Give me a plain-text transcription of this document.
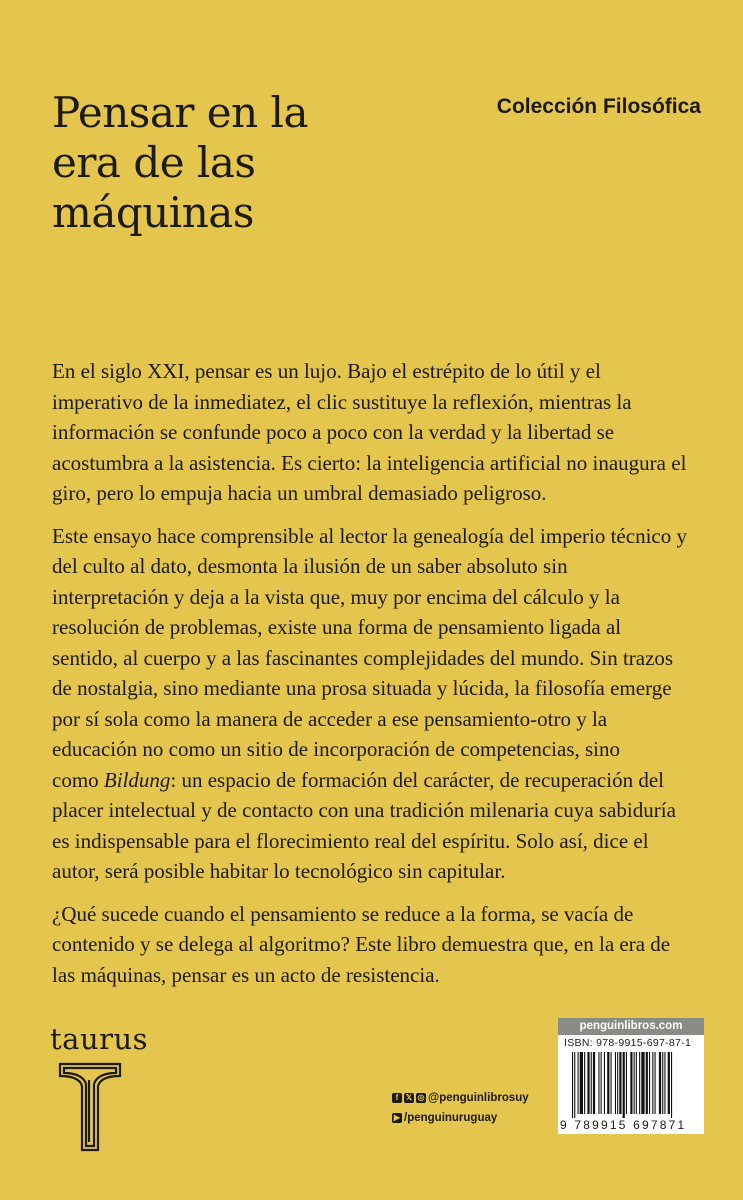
Pensar en la
era de las
máquinas
Colección Filosófica

En el siglo XXI, pensar es un lujo. Bajo el estrépito de lo útil y el
imperativo de la inmediatez, el clic sustituye la reflexión, mientras la
información se confunde poco a poco con la verdad y la libertad se
acostumbra a la asistencia. Es cierto: la inteligencia artificial no inaugura el
giro, pero lo empuja hacia un umbral demasiado peligroso.

Este ensayo hace comprensible al lector la genealogía del imperio técnico y
del culto al dato, desmonta la ilusión de un saber absoluto sin
interpretación y deja a la vista que, muy por encima del cálculo y la
resolución de problemas, existe una forma de pensamiento ligada al
sentido, al cuerpo y a las fascinantes complejidades del mundo. Sin trazos
de nostalgia, sino mediante una prosa situada y lúcida, la filosofía emerge
por sí sola como la manera de acceder a ese pensamiento-otro y la
educación no como un sitio de incorporación de competencias, sino
como Bildung: un espacio de formación del carácter, de recuperación del
placer intelectual y de contacto con una tradición milenaria cuya sabiduría
es indispensable para el florecimiento real del espíritu. Solo así, dice el
autor, será posible habitar lo tecnológico sin capitular.

¿Qué sucede cuando el pensamiento se reduce a la forma, se vacía de
contenido y se delega al algoritmo? Este libro demuestra que, en la era de
las máquinas, pensar es un acto de resistencia.

taurus
f 𝕏 ◎ @penguinlibrosuy
▶ /penguinuruguay
penguinlibros.com
ISBN: 978-9915-697-87-1
9 789915 697871
